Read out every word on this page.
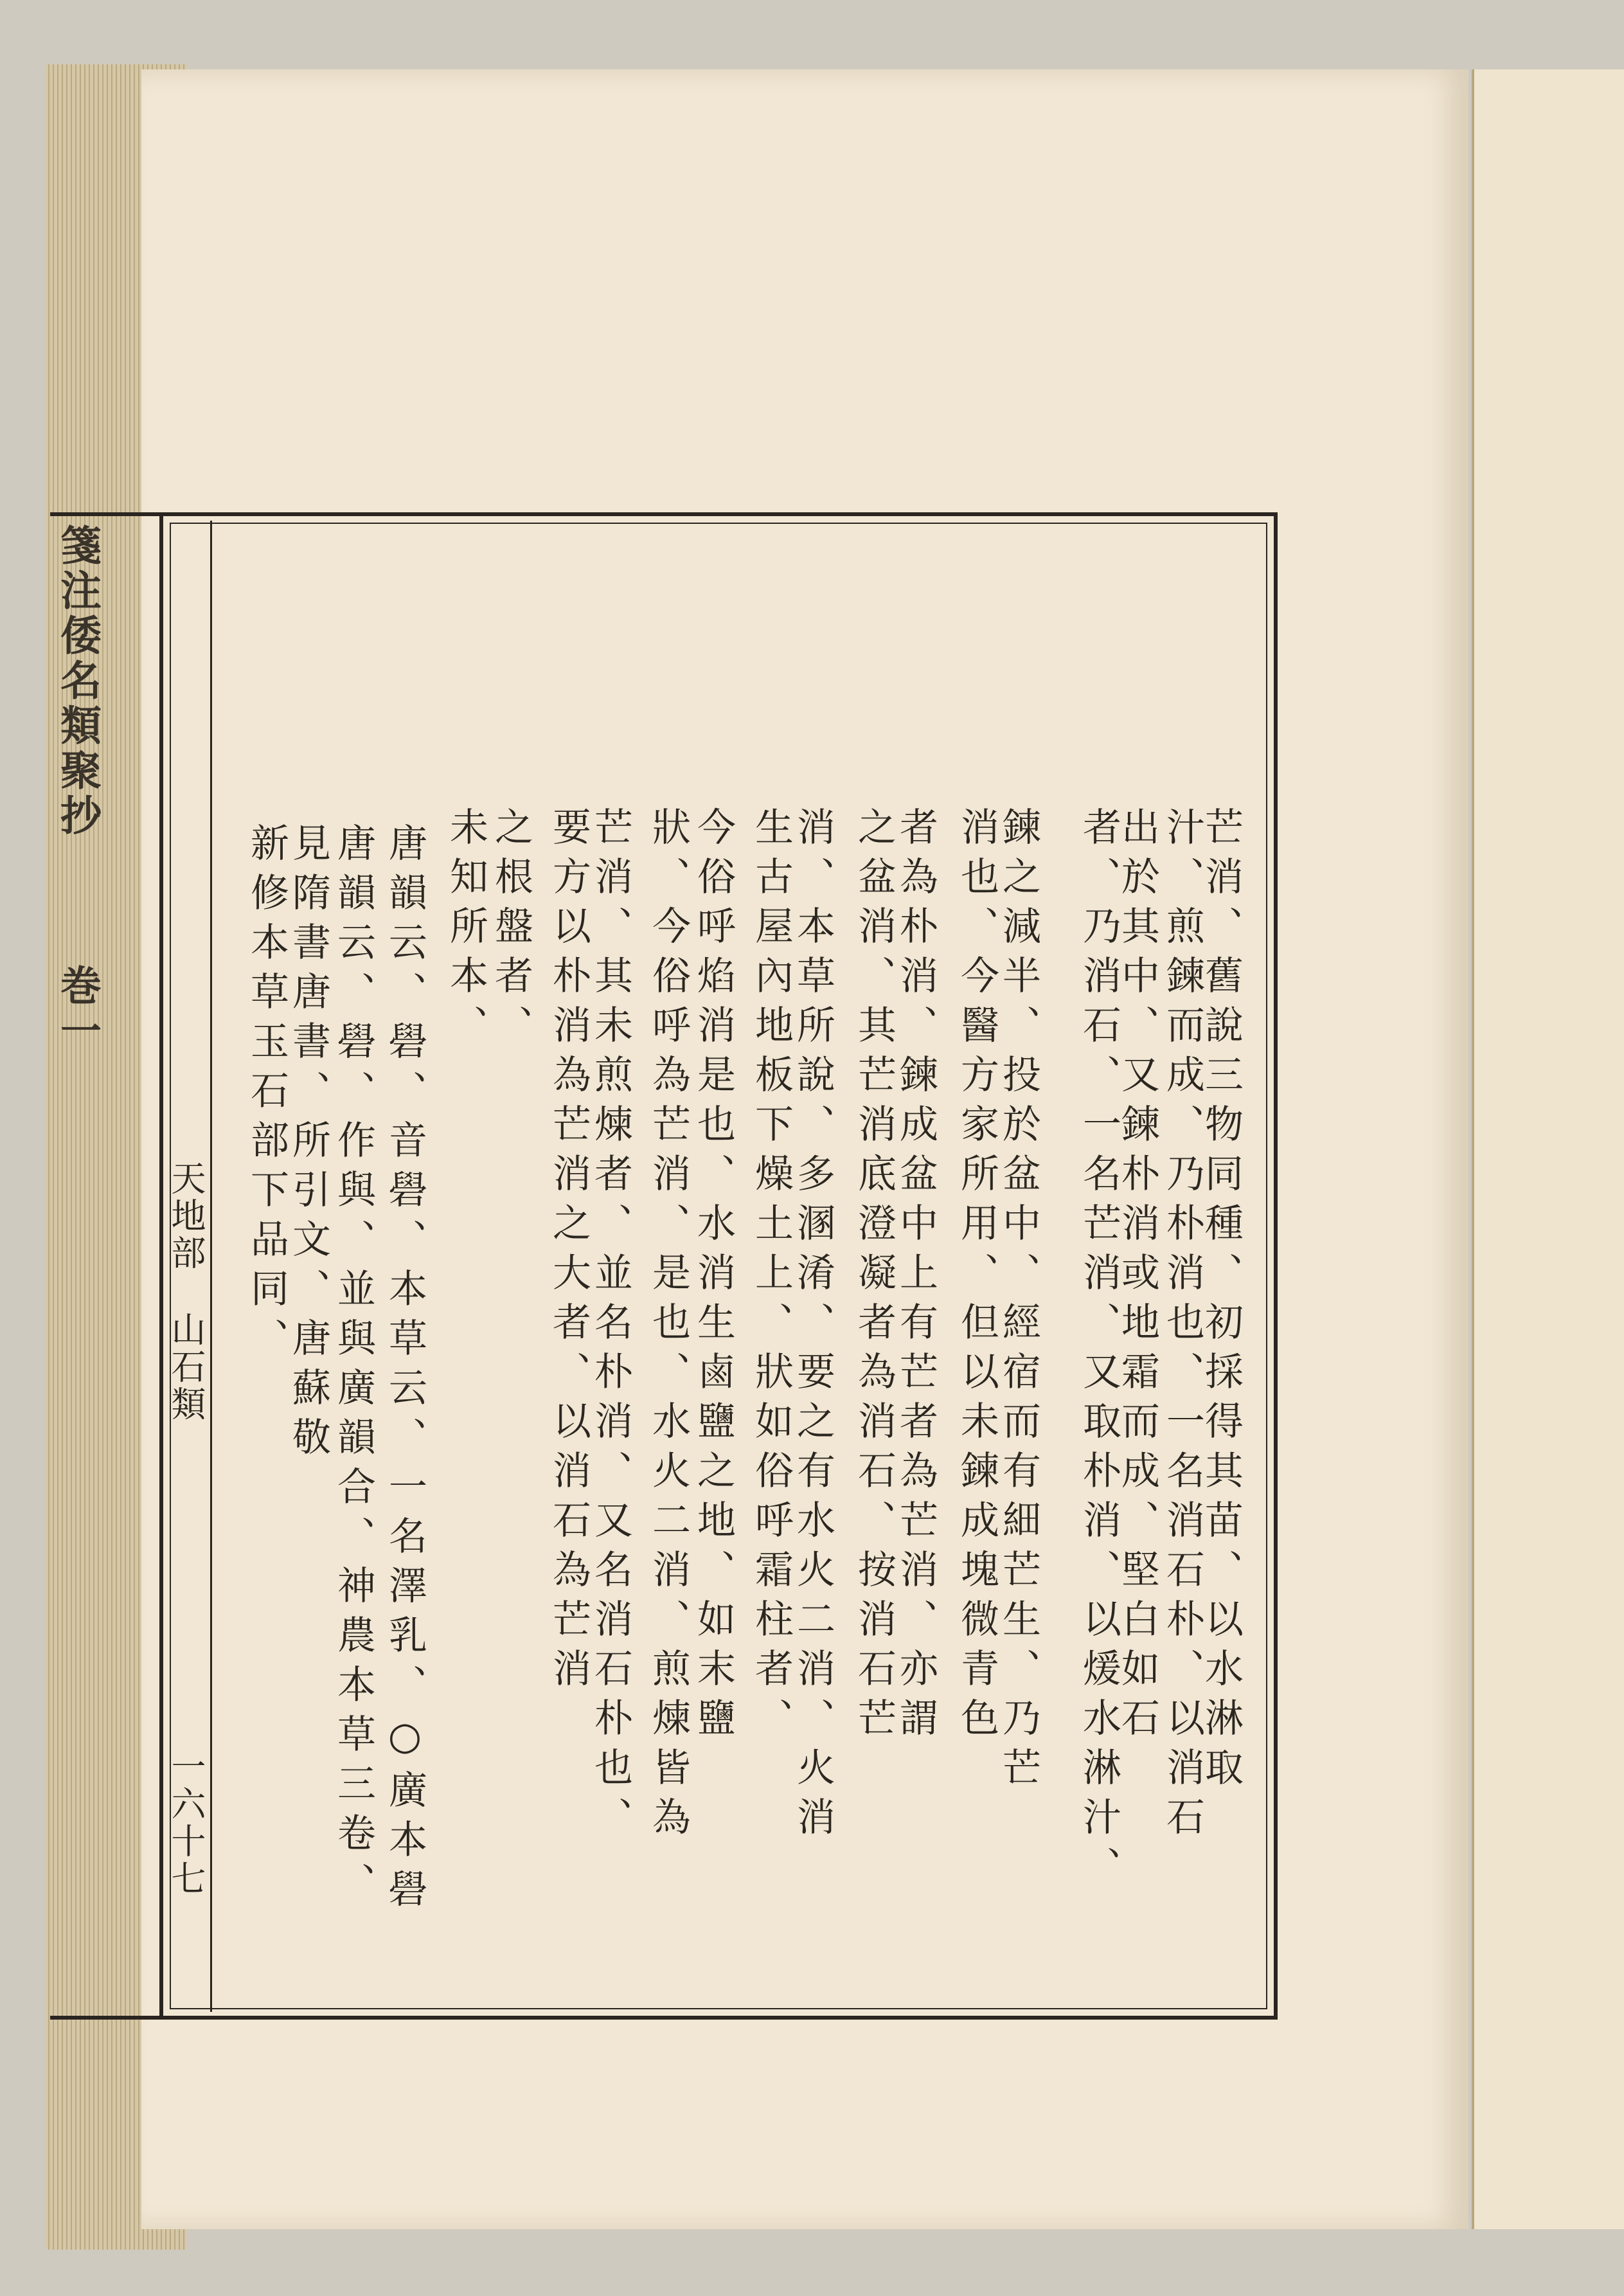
箋注倭名類聚抄
巻一
天地部
山石類
一六十七
芒消、舊說三物同種、初採得其苗、以水淋取
汁、煎鍊而成、乃朴消也、一名消石朴、以消石
出於其中、又鍊朴消或地霜而成、堅白如石
者、乃消石、一名芒消、又取朴消、以煖水淋汁、
鍊之減半、投於盆中、經宿而有細芒生、乃芒
消也、今醫方家所用、但以未鍊成塊微青色
者為朴消、鍊成盆中上有芒者為芒消、亦謂
之盆消、其芒消底澄凝者為消石、按消石芒
消、本草所說、多溷淆、要之有水火二消、火消
生古屋內地板下燥土上、狀如俗呼霜柱者、
今俗呼焰消是也、水消生鹵鹽之地、如末鹽
狀、今俗呼為芒消、是也、水火二消、煎煉皆為
芒消、其未煎煉者、並名朴消、又名消石朴也、
要方以朴消為芒消之大者、以消石為芒消
之根盤者、
未知所本、
唐韻云、礐、音礐、本草云、一名澤乳、○廣本礐
唐韻云、礐、作與、並與廣韻合、神農本草三卷、
見隋書唐書、所引文、唐蘇敬
新修本草玉石部下品同、
